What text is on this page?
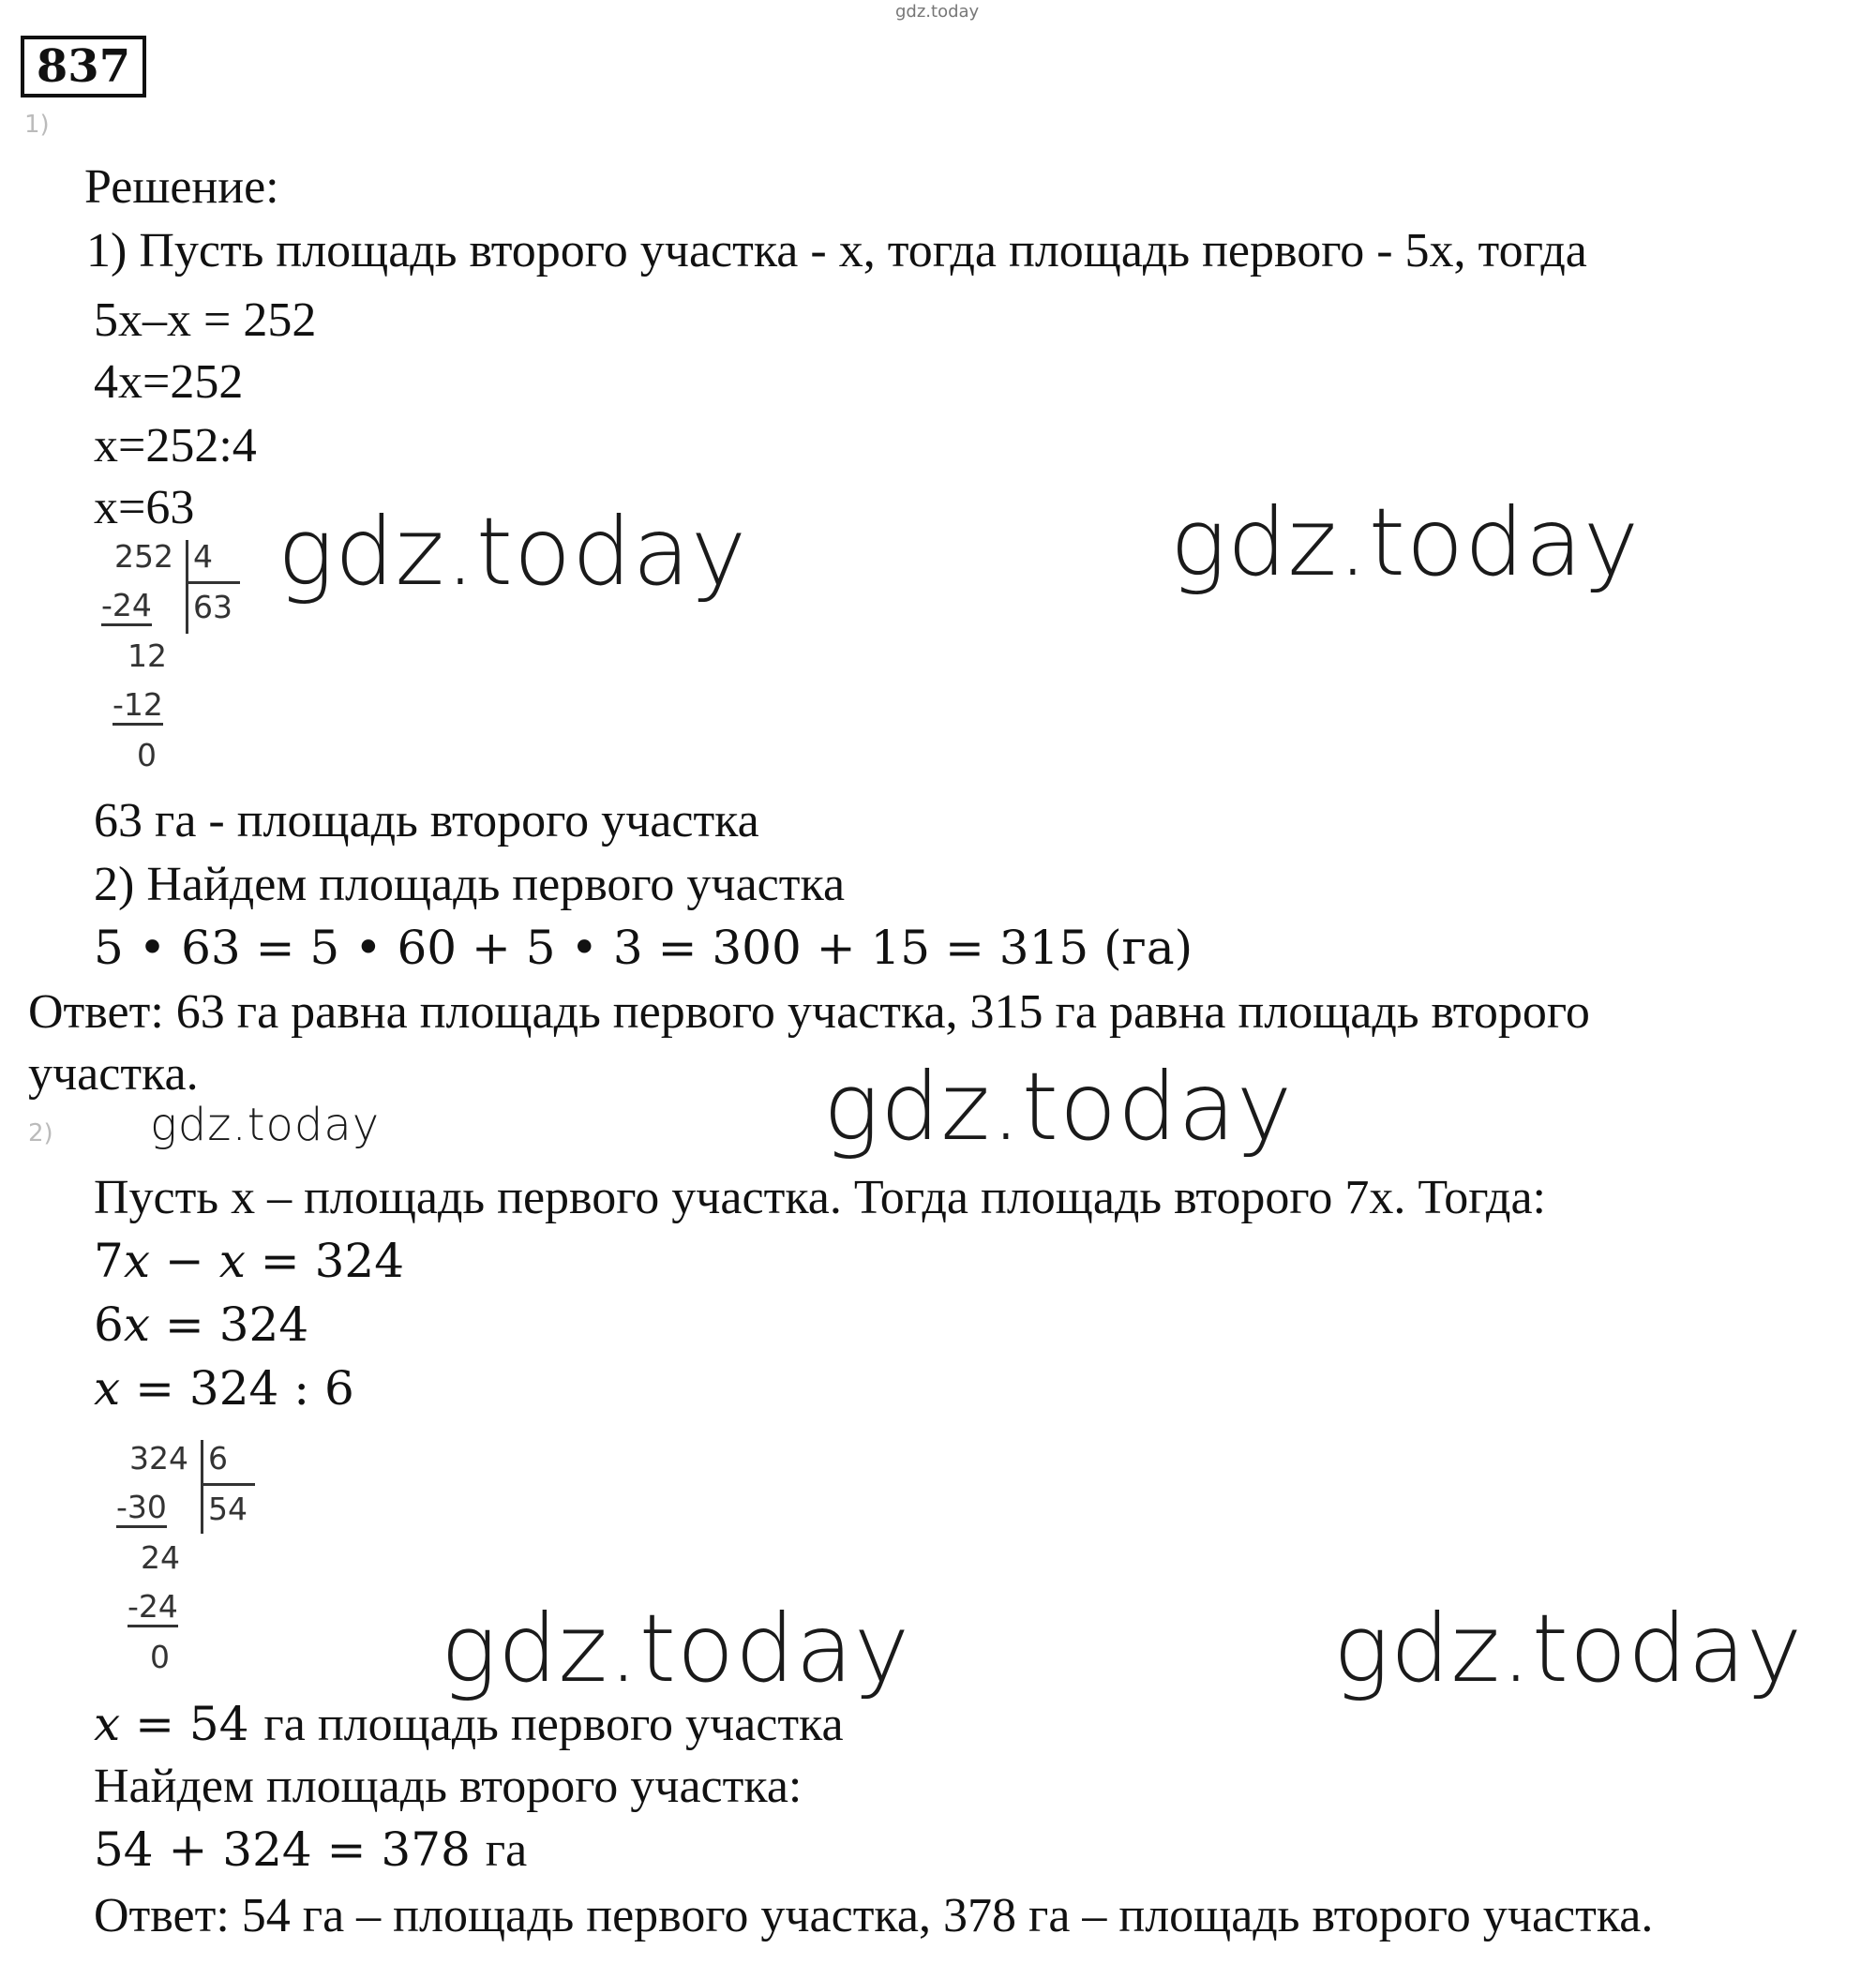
gdz.today
837
1)
Решение:
1) Пусть площадь второго участка - x, тогда площадь первого - 5x, тогда
5x–x = 252
4x=252
x=252:4
x=63
252 4
63
-24
12
-12
0
63 га - площадь второго участка
2) Найдем площадь первого участка
5 • 63 = 5 • 60 + 5 • 3 = 300 + 15 = 315 (га)
Ответ: 63 га равна площадь первого участка, 315 га равна площадь второго
участка.
2)
Пусть x – площадь первого участка. Тогда площадь второго 7x. Тогда:
7x − x = 324
6x = 324
x = 324 : 6
324 6
54
-30
24
-24
0
x = 54 га площадь первого участка
Найдем площадь второго участка:
54 + 324 = 378 га
Ответ: 54 га – площадь первого участка, 378 га – площадь второго участка.
gdz.today	gdz.today
gdz.today
gdz.today
gdz.today	gdz.today
